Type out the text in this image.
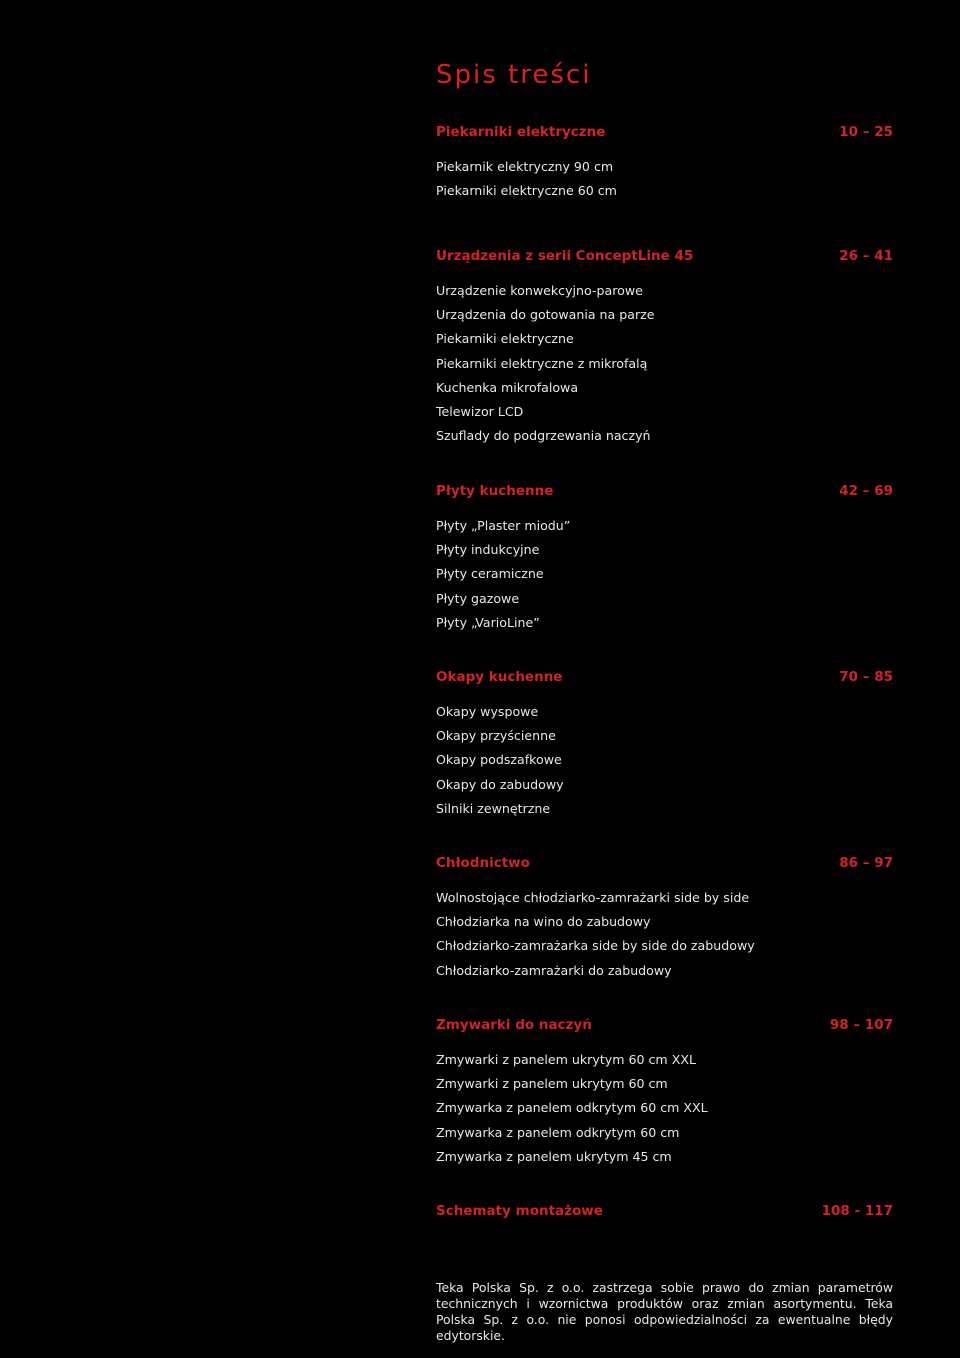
Spis treści
Piekarniki elektryczne	10 – 25
Piekarnik elektryczny 90 cm
Piekarniki elektryczne 60 cm
Urządzenia z serii ConceptLine 45	26 – 41
Urządzenie konwekcyjno-parowe
Urządzenia do gotowania na parze
Piekarniki elektryczne
Piekarniki elektryczne z mikrofalą
Kuchenka mikrofalowa
Telewizor LCD
Szuflady do podgrzewania naczyń
Płyty kuchenne	42 – 69
Płyty „Plaster miodu”
Płyty indukcyjne
Płyty ceramiczne
Płyty gazowe
Płyty „VarioLine”
Okapy kuchenne	70 – 85
Okapy wyspowe
Okapy przyścienne
Okapy podszafkowe
Okapy do zabudowy
Silniki zewnętrzne
Chłodnictwo	86 – 97
Wolnostojące chłodziarko-zamrażarki side by side
Chłodziarka na wino do zabudowy
Chłodziarko-zamrażarka side by side do zabudowy
Chłodziarko-zamrażarki do zabudowy
Zmywarki do naczyń	98 – 107
Zmywarki z panelem ukrytym 60 cm XXL
Zmywarki z panelem ukrytym 60 cm
Zmywarka z panelem odkrytym 60 cm XXL
Zmywarka z panelem odkrytym 60 cm
Zmywarka z panelem ukrytym 45 cm
Schematy montażowe	108 - 117

Teka Polska Sp. z o.o. zastrzega sobie prawo do zmian parametrów technicznych i wzornictwa produktów oraz zmian asortymentu. Teka Polska Sp. z o.o. nie ponosi odpowiedzialności za ewentualne błędy edytorskie.
